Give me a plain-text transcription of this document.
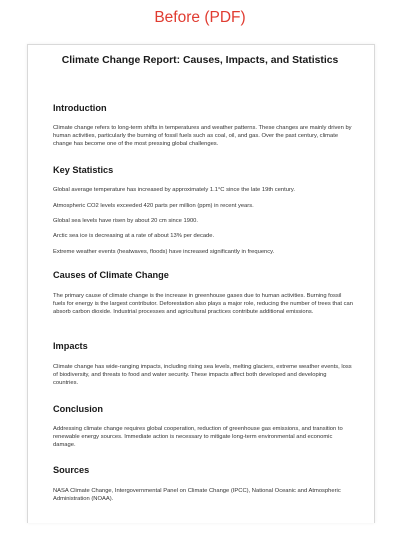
Before (PDF)
Climate Change Report: Causes, Impacts, and Statistics
Introduction

Climate change refers to long-term shifts in temperatures and weather patterns. These changes are mainly driven by human activities, particularly the burning of fossil fuels such as coal, oil, and gas. Over the past century, climate change has become one of the most pressing global challenges.

Key Statistics

Global average temperature has increased by approximately 1.1°C since the late 19th century.

Atmospheric CO2 levels exceeded 420 parts per million (ppm) in recent years.

Global sea levels have risen by about 20 cm since 1900.

Arctic sea ice is decreasing at a rate of about 13% per decade.

Extreme weather events (heatwaves, floods) have increased significantly in frequency.

Causes of Climate Change

The primary cause of climate change is the increase in greenhouse gases due to human activities. Burning fossil fuels for energy is the largest contributor. Deforestation also plays a major role, reducing the number of trees that can absorb carbon dioxide. Industrial processes and agricultural practices contribute additional emissions.

Impacts

Climate change has wide-ranging impacts, including rising sea levels, melting glaciers, extreme weather events, loss of biodiversity, and threats to food and water security. These impacts affect both developed and developing countries.

Conclusion

Addressing climate change requires global cooperation, reduction of greenhouse gas emissions, and transition to renewable energy sources. Immediate action is necessary to mitigate long-term environmental and economic damage.

Sources

NASA Climate Change, Intergovernmental Panel on Climate Change (IPCC), National Oceanic and Atmospheric Administration (NOAA).
